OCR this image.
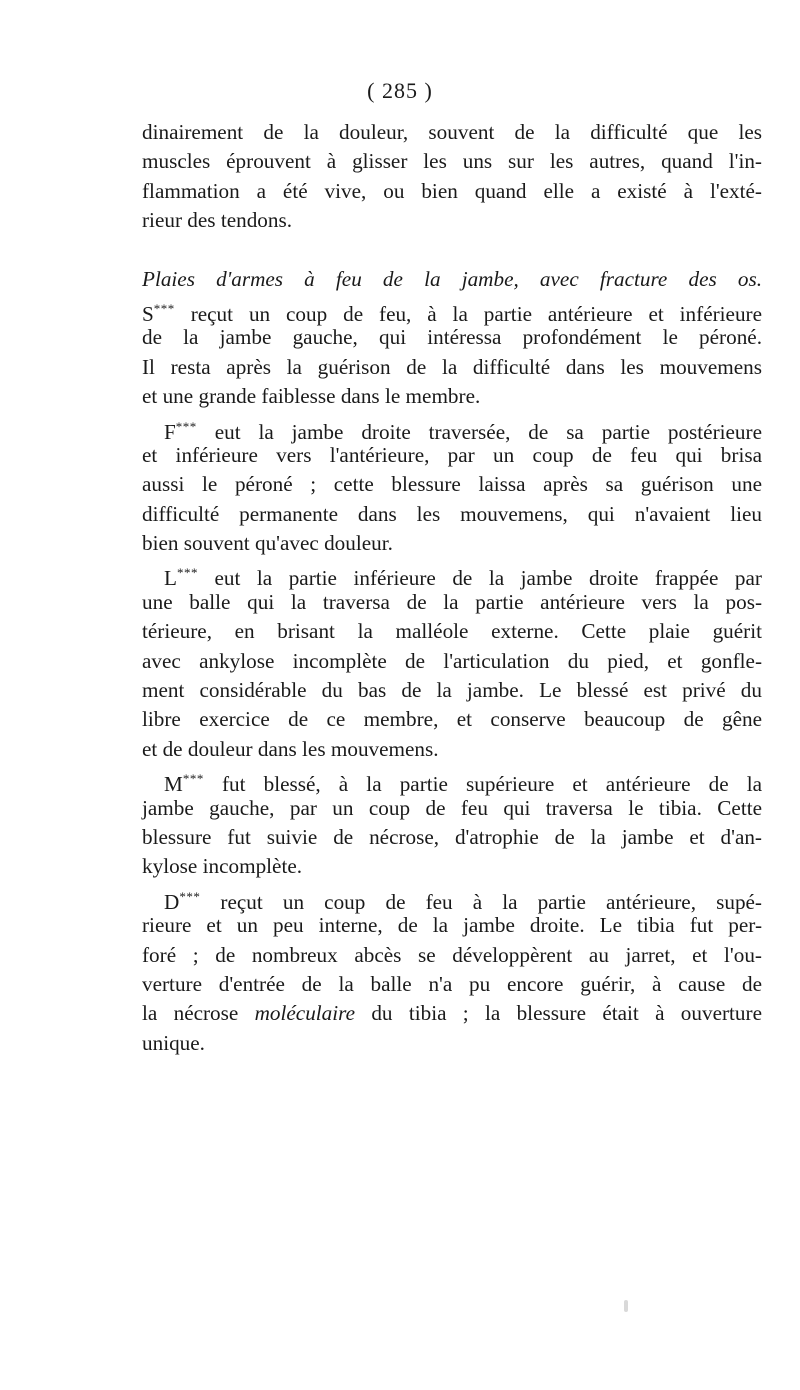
( 285 )
dinairement de la douleur, souvent de la difficulté que les
muscles éprouvent à glisser les uns sur les autres, quand l'in-
flammation a été vive, ou bien quand elle a existé à l'exté-
rieur des tendons.
Plaies d'armes à feu de la jambe, avec fracture des os.
S*** reçut un coup de feu, à la partie antérieure et inférieure
de la jambe gauche, qui intéressa profondément le péroné.
Il resta après la guérison de la difficulté dans les mouvemens
et une grande faiblesse dans le membre.
F*** eut la jambe droite traversée, de sa partie postérieure
et inférieure vers l'antérieure, par un coup de feu qui brisa
aussi le péroné ; cette blessure laissa après sa guérison une
difficulté permanente dans les mouvemens, qui n'avaient lieu
bien souvent qu'avec douleur.
L*** eut la partie inférieure de la jambe droite frappée par
une balle qui la traversa de la partie antérieure vers la pos-
térieure, en brisant la malléole externe. Cette plaie guérit
avec ankylose incomplète de l'articulation du pied, et gonfle-
ment considérable du bas de la jambe. Le blessé est privé du
libre exercice de ce membre, et conserve beaucoup de gêne
et de douleur dans les mouvemens.
M*** fut blessé, à la partie supérieure et antérieure de la
jambe gauche, par un coup de feu qui traversa le tibia. Cette
blessure fut suivie de nécrose, d'atrophie de la jambe et d'an-
kylose incomplète.
D*** reçut un coup de feu à la partie antérieure, supé-
rieure et un peu interne, de la jambe droite. Le tibia fut per-
foré ; de nombreux abcès se développèrent au jarret, et l'ou-
verture d'entrée de la balle n'a pu encore guérir, à cause de
la nécrose moléculaire du tibia ; la blessure était à ouverture
unique.
